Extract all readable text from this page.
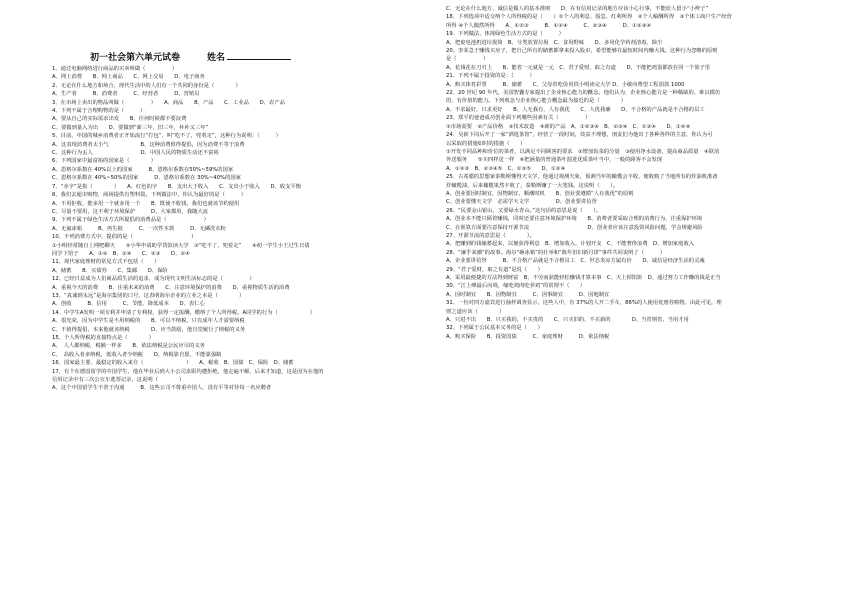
初一社会第六单元试卷　　　	姓名
1、通过电脑网络进行商品的买卖叫做（　　　　　）
A、网上消费　　B、网上商品　　C、网上交易　　D、电子商务
2、无论在什么地方和场合，现代生活中的人们有一个共同的身份是（　　　　）
A、生产者　　　B、消费者　　　C、经营者　　　D、营销员
3、在市场上卖出的物品叫做（　　　　　）　　A、商品　　B、产品　　C、工业品　　D、农产品
4、下列不属于合理购物的是（　　　）
A、要从自己的实际需求出发　　B、任何时候都不要浪费
C、要做到量入为出　　D、要做到“新三年，旧三年，补补又三年”
5、目前，中国的城乡消费者正开始流行“打包”，叫“吃不了，兜着走”，这种行为说明：（　　　）
A、这表现消费者太小气　　　　　　B、这种消费值得提倡，因为消费不等于浪费
C、这种行为丢人　　　　　　　　　D、中国人民的物质生活还不富裕
6、下列国家中最富裕的国家是（　　　　）
A、恩格尔系数在 40%以上的国家　　　B、恩格尔系数在50%~59%的国家
C、恩格尔系数在 40%~50%的国家　　　D、恩格尔系数在 30%~40%的国家
7、“赤字”是指（　　　　）　　A、红色的字　　B、支出大于收入　　C、支出小于收入　　D、收支平衡
8、我们去超市购物，商场提供有塑料袋。下列做法中，你认为最好的是（　　　）
A、不用拒收，能多用一个就多用一个　　B、既使不收钱，我们也就该节约使用
C、尽量不要用，这不利于环境保护　　　D、大家都用，我随大流
9、下列不属于绿色生活方式所提倡的消费品是（　　　　　　　）
A、无氟冰箱　　　B、再生纸　　　C、一次性木筷　　　D、无磷洗衣粉
10、不列消费方式中，提倡的是（　　　　　　　　　　　）
①小明经常随自上网吧聊天　　②小华申请助学贷款读大学　③“吃不了，兜着走”　　④初一学生小王过生日请
同学下馆子　　A、①②　B、③④　　C、②③　　D、②④
11、现代家庭理财的常见方式不包括（　　）
A、储蓄　　B、买债券　　C、集邮　　D、保险
12、已经日益成为人们商品质生活的追求，成为现代文明生活标志的是（　　　　　）
A、重视今天的消费　　B、注重未来的消费　　C、注意环境保护的消费　　D、重视物质生活的消费
13、“真诚到永远”是海尔集团的口号，这表明海尔企业的立业之本是（　　　　）
A、创收　　　B、信用　　　C、节能、降低成本　　D、表仁心
14、中学生A发明一项专利并申请了专利权，获得一定报酬，缴纳了个人所得税。A同学的行为（　　　　　　）
A、很光荣，因为中学生是不用纳税的　　B、可以不纳税，只有成年人才需要纳税
C、不值得提倡，本来他就该纳税　　　　D、应当鼓励，他自觉履行了纳税的义务
15、个人所得税的直接特点是（　　　　）
A、　人人都纳税，税额一样多　　B、依法纳税是公民应尽的义务
C、　高收入者多纳税，低收入者少纳税　　D、纳税靠自愿，不能靠强制
16、国家最主要、最稳定的收入来自（　　　　　　　　）　　A、税收　B、国债　C、保险　D、储蓄
17、有个在德国留学的中国学生，他在毕业后到大小公司求职均遭拒绝，他走遍不解，后来才知道，这是因为在他的
信用记录中有三次公交车逃票记录，这说明（　　　　）
A、这个中国留学生不善于沟通　　　B、这些公司不尊重中国人，没有平等对待每一名应聘者
C、无论在什么地方，诚信是做人的基本准则　　D、在有信用记录的地方应该小心行事，不能给人留小“小辫子”
18、下列选项中适交纳个人所得税的是（　　）①个人的利息、股息、红利所得　②个人稿酬所得　③个体工商户生产经营
所得 ④个人偶然所得　　A、①②③　　　B、①②④　　　C、②③④　　　D、①②③④
19、下列做法，体现绿色生活方式的是（　　　）
A、把废电池扔进垃圾筒　B、分类放置垃圾　C、食用野味　　D、多用化学药剂清毒，除尘
20、李某急于赚钱买房子，把自己所有的储蓄都拿来投入股市，希望能够在最短时间内赚大钱。这种行为忽略的原则
是（　　　　　）
A、花钱花在刀刃上　　B、能省一元就是一元　C、君子爱财，取之有道　　D、不能把鸡蛋都放在同一个篮子里
21、下列不属于投资的是：（　　　）
A、购买体育彩票　　　B、储蓄　　C、父母省吃俭用供小明读完大学 D、小敏向费望工程捐款 1000
22、20 世纪 90 年代，美国智囊专家提出了企业核心能力的概念。他们认为，企业核心能力是一种稀缺的、难以模仿
的、有价值的能力。下列观念与企业核心能力概念最为接近的是（　　　　）
A、不求最好，只求更好　　B、人无我有，人有我优　　C、人优我廉　　D、不合格的产品就是不合格的员工
23、郑平的爸爸成功创业面下列哪些因素有关（　　　　　）
①市场需要　②产品价格　③技术改造　④新的产品　A、①②③④　B、②③④　C、①③④　　D、①②④
24、吴新下岗后开了一家“酒逛茶馆”，经营了一段时间，效益不理想，朋友们为他出了各种各样的主意，你认为可
以采取的措施如时的措施（　　）
①开发不同品种和价位的菜肴，以满足不同顾客的要求　②增加饭菜的分量　③使用净水设备，提高商品质量　④联消
外送服务　　⑤买四样送一样　⑥把涵量的普通茶叶混进优质茶叶当中，一般的顾客不会发现
A、①②③　B、②③④⑤　C、①③⑤　　D、①②④
25、古希腊的思想家泰勒斯懂得天文学，他通过观测天象，预测当年的橄榄会丰收，便收购了当地所有的炸油机准备
炸橄榄油，后来橄榄果然丰收了，泰勒斯赚了一大笔钱。这说明（　　）。
A、创业要因时制宜，因物制宜，顺潮时机　　B、创业要遵循“人有我优”的原则
C、创业要懂天文学　必需学天文学　　　　　D、创业要讲信誉
26、“民要金山银山，又要绿水青山。”这句话的意思是说（　　）。
A、创业本不能只顾着赚钱，同时还要注意环境保护环境　　B、消费者要采取合理的消费行为，注重保护环境
C、在预算方面要注意保持开源节流　　　　　　　　　　　D、创业者应该注意投资风险问题，学会规避风险
27、开源节流的意思是（　　　　）。
A、把赚到的钱储蓄起来，以便获得利息　B、增加收入，计划开支　C、不能奢侈浪费　D、增加家庭收入
28、“廉乎来潮”的故事。海尔“砸冰箱”的壮举和“陈年旧旧新月饼”事件共同说明了（　　　）
A、企业要讲信誉　　　B、不合格产品就是不合格员工　C、世态炎凉方属有价　　D、诚信是经济生活的灵魂
29、“君子爱财，取之有道”是说（　　）
A、采用最便捷的方法得到财富　B、不劳而获能轻松赚钱才算本事　C、天上掉馅饼　D、通过努力工作赚的钱是正当
30、“江上峰最后向境，缘吃鸡肉吃养鸡”的常理不（　　）
A、因时制宜　　B、因物制宜　　　C、因事制宜　　　D、因地制宜
31、一份对四万嘉宾进行抽样调查显示，这些人中，有 37%的人开二手车，86%的人使用优惠券购物。由此可见，理
财之道应该（　　　　）
A、只进不出　　B、只买我的，不买贵的　　C、只买旧的，不买新的　　　　D、当省则省，当用才用
32、下列属于公民基本义务的是（　　）
A、购买保险　　B、投资国债　　　C、家庭理财　　　D、依法纳税
